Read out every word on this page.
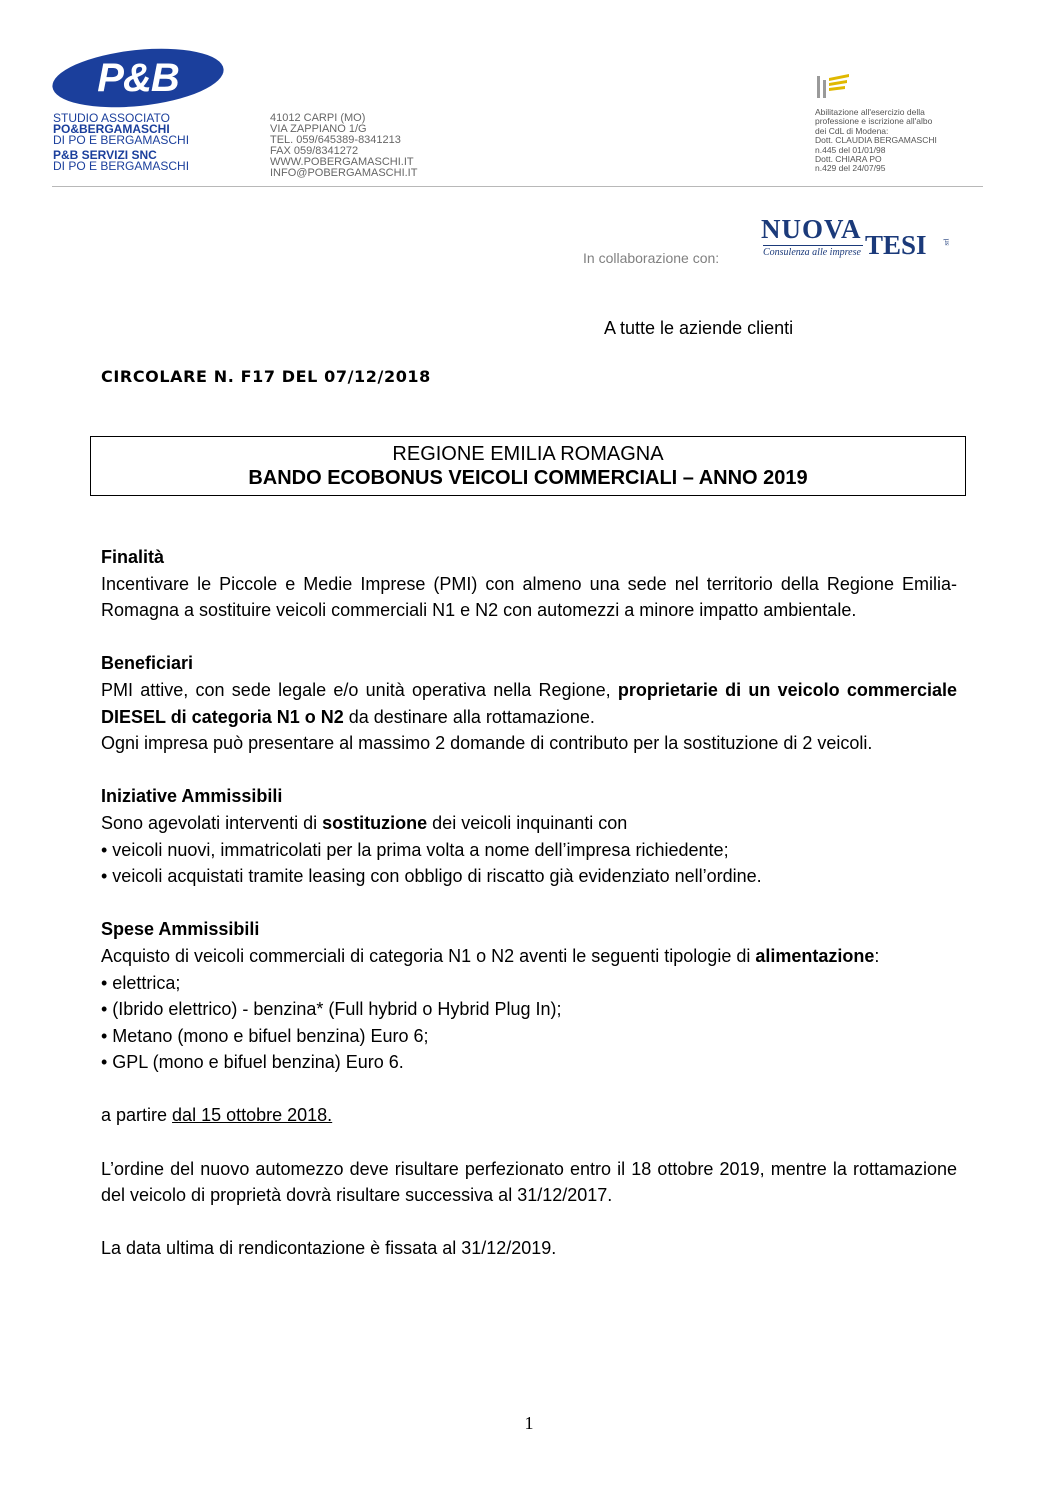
P&B
STUDIO ASSOCIATO
PO&BERGAMASCHI
DI PO E BERGAMASCHI
P&B SERVIZI SNC
DI PO E BERGAMASCHI
41012 CARPI (MO)
VIA ZAPPIANO 1/G
TEL. 059/645389-8341213
FAX 059/8341272
WWW.POBERGAMASCHI.IT
INFO@POBERGAMASCHI.IT
Abilitazione all'esercizio della
professione e iscrizione all'albo
dei CdL di Modena:
Dott. CLAUDIA BERGAMASCHI
n.445 del 01/01/98
Dott. CHIARA PO
n.429 del 24/07/95
In collaborazione con:
NUOVA
TESI srl
Consulenza alle imprese
A tutte le aziende clienti
CIRCOLARE N. F17 DEL 07/12/2018
REGIONE EMILIA ROMAGNA
BANDO ECOBONUS VEICOLI COMMERCIALI – ANNO 2019

Finalità

Incentivare le Piccole e Medie Imprese (PMI) con almeno una sede nel territorio della Regione Emilia-Romagna a sostituire veicoli commerciali N1 e N2 con automezzi a minore impatto ambientale.

Beneficiari

PMI attive, con sede legale e/o unità operativa nella Regione, proprietarie di un veicolo commerciale DIESEL di categoria N1 o N2 da destinare alla rottamazione.

Ogni impresa può presentare al massimo 2 domande di contributo per la sostituzione di 2 veicoli.

Iniziative Ammissibili

Sono agevolati interventi di sostituzione dei veicoli inquinanti con

• veicoli nuovi, immatricolati per la prima volta a nome dell’impresa richiedente;

• veicoli acquistati tramite leasing con obbligo di riscatto già evidenziato nell’ordine.

Spese Ammissibili

Acquisto di veicoli commerciali di categoria N1 o N2 aventi le seguenti tipologie di alimentazione:

• elettrica;

• (Ibrido elettrico) - benzina* (Full hybrid o Hybrid Plug In);

• Metano (mono e bifuel benzina) Euro 6;

• GPL (mono e bifuel benzina) Euro 6.

a partire dal 15 ottobre 2018.

L’ordine del nuovo automezzo deve risultare perfezionato entro il 18 ottobre 2019, mentre la rottamazione del veicolo di proprietà dovrà risultare successiva al 31/12/2017.

La data ultima di rendicontazione è fissata al 31/12/2019.

1
